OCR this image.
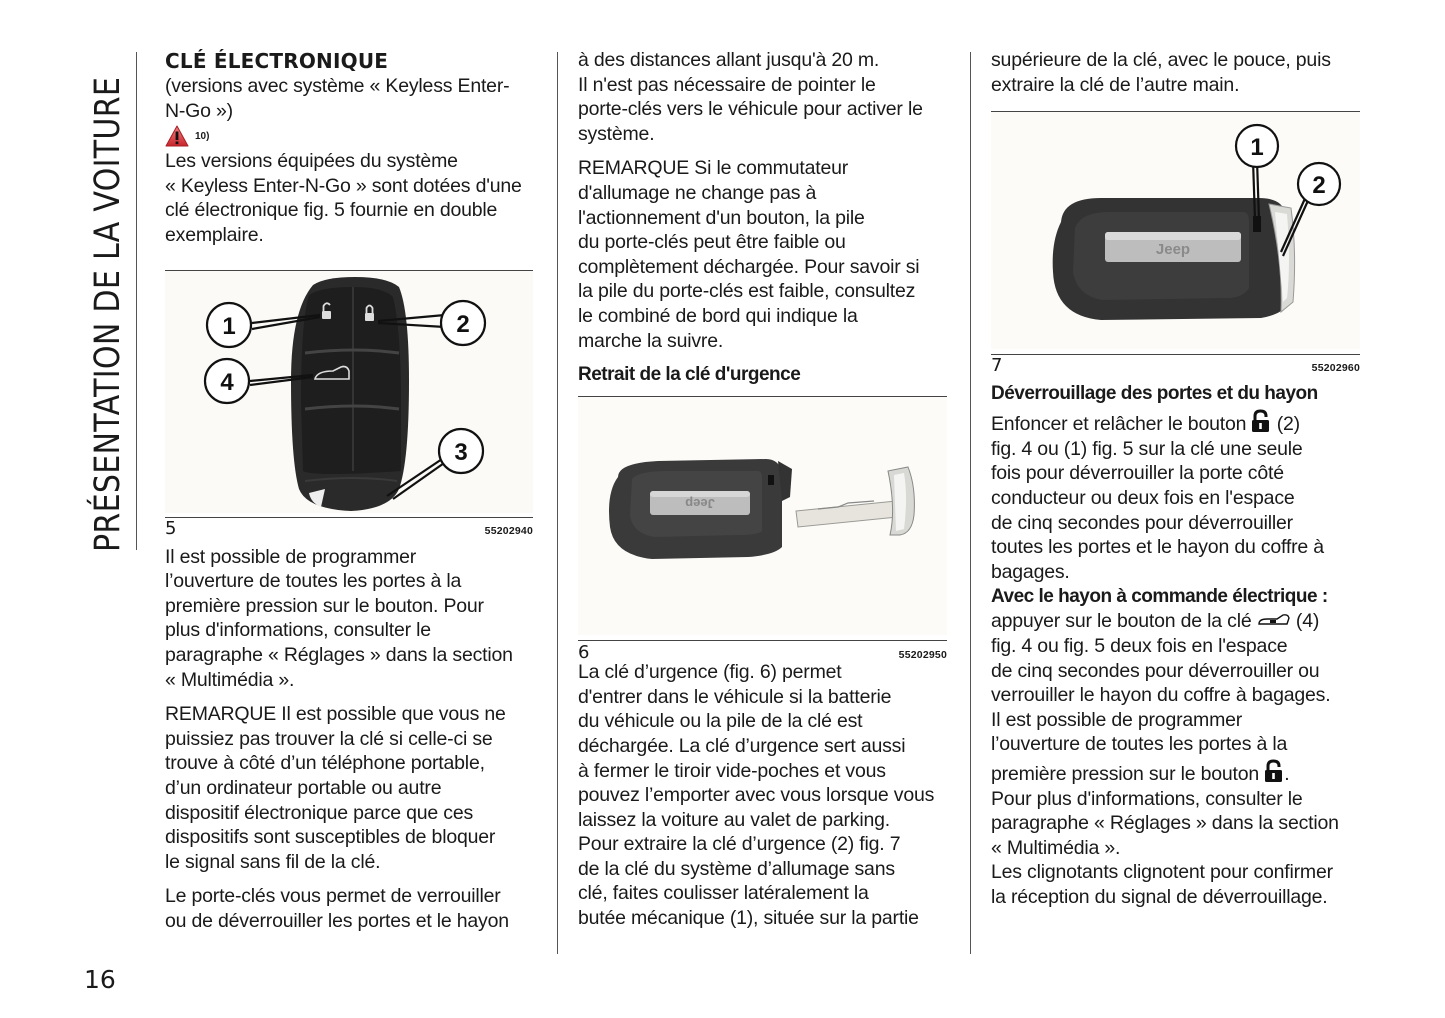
PRÉSENTATION DE LA VOITURE
16
CLÉ ÉLECTRONIQUE

(versions avec système « Keyless Enter-

N-Go »)

10)

Les versions équipées du système

« Keyless Enter-N-Go » sont dotées d'une

clé électronique fig. 5 fournie en double

exemplaire.

1	2
4
3
5	55202940

Il est possible de programmer

l’ouverture de toutes les portes à la

première pression sur le bouton. Pour

plus d'informations, consulter le

paragraphe « Réglages » dans la section

« Multimédia ».

REMARQUE Il est possible que vous ne

puissiez pas trouver la clé si celle-ci se

trouve à côté d’un téléphone portable,

d’un ordinateur portable ou autre

dispositif électronique parce que ces

dispositifs sont susceptibles de bloquer

le signal sans fil de la clé.

Le porte-clés vous permet de verrouiller

ou de déverrouiller les portes et le hayon

à des distances allant jusqu'à 20 m.

Il n'est pas nécessaire de pointer le

porte-clés vers le véhicule pour activer le

système.

REMARQUE Si le commutateur

d'allumage ne change pas à

l'actionnement d'un bouton, la pile

du porte-clés peut être faible ou

complètement déchargée. Pour savoir si

la pile du porte-clés est faible, consultez

le combiné de bord qui indique la

marche la suivre.

Retrait de la clé d'urgence
Jeep
6	55202950

La clé d’urgence (fig. 6) permet

d'entrer dans le véhicule si la batterie

du véhicule ou la pile de la clé est

déchargée. La clé d’urgence sert aussi

à fermer le tiroir vide-poches et vous

pouvez l’emporter avec vous lorsque vous

laissez la voiture au valet de parking.

Pour extraire la clé d’urgence (2) fig. 7

de la clé du système d’allumage sans

clé, faites coulisser latéralement la

butée mécanique (1), située sur la partie

supérieure de la clé, avec le pouce, puis

extraire la clé de l’autre main.

Jeep
1
2
7	55202960
Déverrouillage des portes et du hayon

Enfoncer et relâcher le bouton (2)

fig. 4 ou (1) fig. 5 sur la clé une seule

fois pour déverrouiller la porte côté

conducteur ou deux fois en l'espace

de cinq secondes pour déverrouiller

toutes les portes et le hayon du coffre à

bagages.

Avec le hayon à commande électrique :

appuyer sur le bouton de la clé (4)

fig. 4 ou fig. 5 deux fois en l'espace

de cinq secondes pour déverrouiller ou

verrouiller le hayon du coffre à bagages.

Il est possible de programmer

l’ouverture de toutes les portes à la

première pression sur le bouton .

Pour plus d'informations, consulter le

paragraphe « Réglages » dans la section

« Multimédia ».

Les clignotants clignotent pour confirmer

la réception du signal de déverrouillage.
